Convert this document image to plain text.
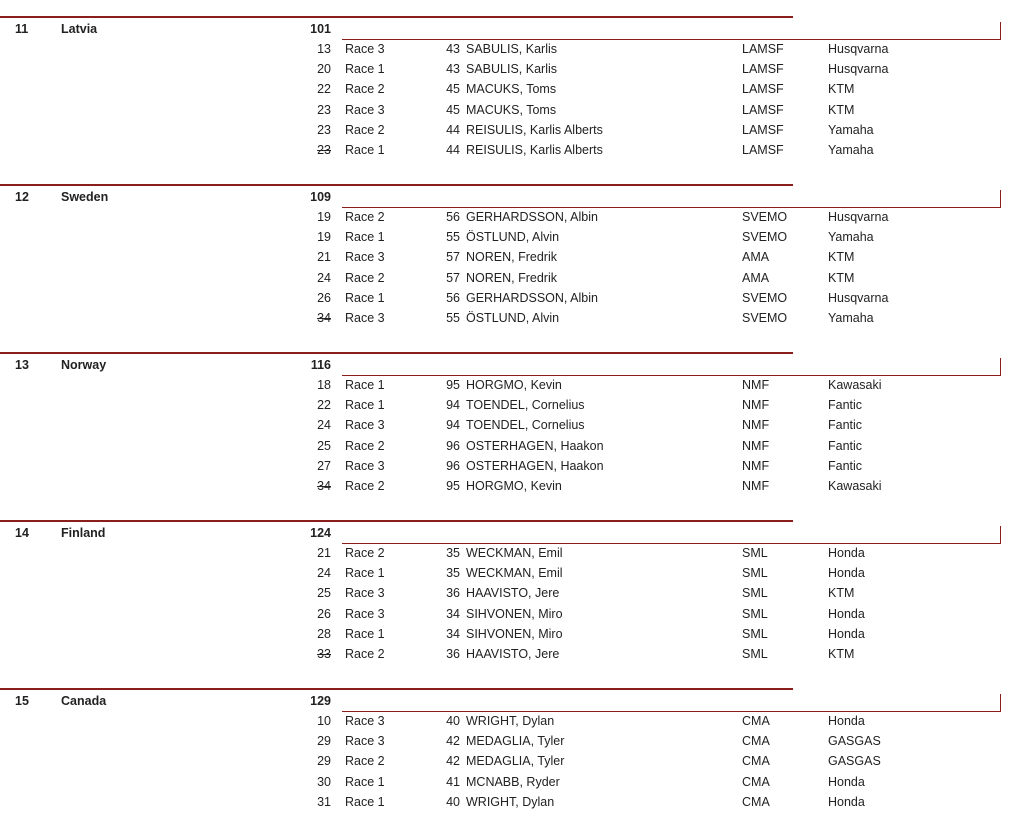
11	Latvia	101
13 Race 3	43 SABULIS, Karlis	LAMSF	Husqvarna
20 Race 1	43 SABULIS, Karlis	LAMSF	Husqvarna
22 Race 2	45 MACUKS, Toms	LAMSF	KTM
23 Race 3	45 MACUKS, Toms	LAMSF	KTM
23 Race 2	44 REISULIS, Karlis Alberts	LAMSF	Yamaha
23 Race 1	44 REISULIS, Karlis Alberts	LAMSF	Yamaha
12	Sweden	109
19 Race 2	56 GERHARDSSON, Albin	SVEMO	Husqvarna
19 Race 1	55 ÖSTLUND, Alvin	SVEMO	Yamaha
21 Race 3	57 NOREN, Fredrik	AMA	KTM
24 Race 2	57 NOREN, Fredrik	AMA	KTM
26 Race 1	56 GERHARDSSON, Albin	SVEMO	Husqvarna
34 Race 3	55 ÖSTLUND, Alvin	SVEMO	Yamaha
13	Norway	116
18 Race 1	95 HORGMO, Kevin	NMF	Kawasaki
22 Race 1	94 TOENDEL, Cornelius	NMF	Fantic
24 Race 3	94 TOENDEL, Cornelius	NMF	Fantic
25 Race 2	96 OSTERHAGEN, Haakon	NMF	Fantic
27 Race 3	96 OSTERHAGEN, Haakon	NMF	Fantic
34 Race 2	95 HORGMO, Kevin	NMF	Kawasaki
14	Finland	124
21 Race 2	35 WECKMAN, Emil	SML	Honda
24 Race 1	35 WECKMAN, Emil	SML	Honda
25 Race 3	36 HAAVISTO, Jere	SML	KTM
26 Race 3	34 SIHVONEN, Miro	SML	Honda
28 Race 1	34 SIHVONEN, Miro	SML	Honda
33 Race 2	36 HAAVISTO, Jere	SML	KTM
15	Canada	129
10 Race 3	40 WRIGHT, Dylan	CMA	Honda
29 Race 3	42 MEDAGLIA, Tyler	CMA	GASGAS
29 Race 2	42 MEDAGLIA, Tyler	CMA	GASGAS
30 Race 1	41 MCNABB, Ryder	CMA	Honda
31 Race 1	40 WRIGHT, Dylan	CMA	Honda
